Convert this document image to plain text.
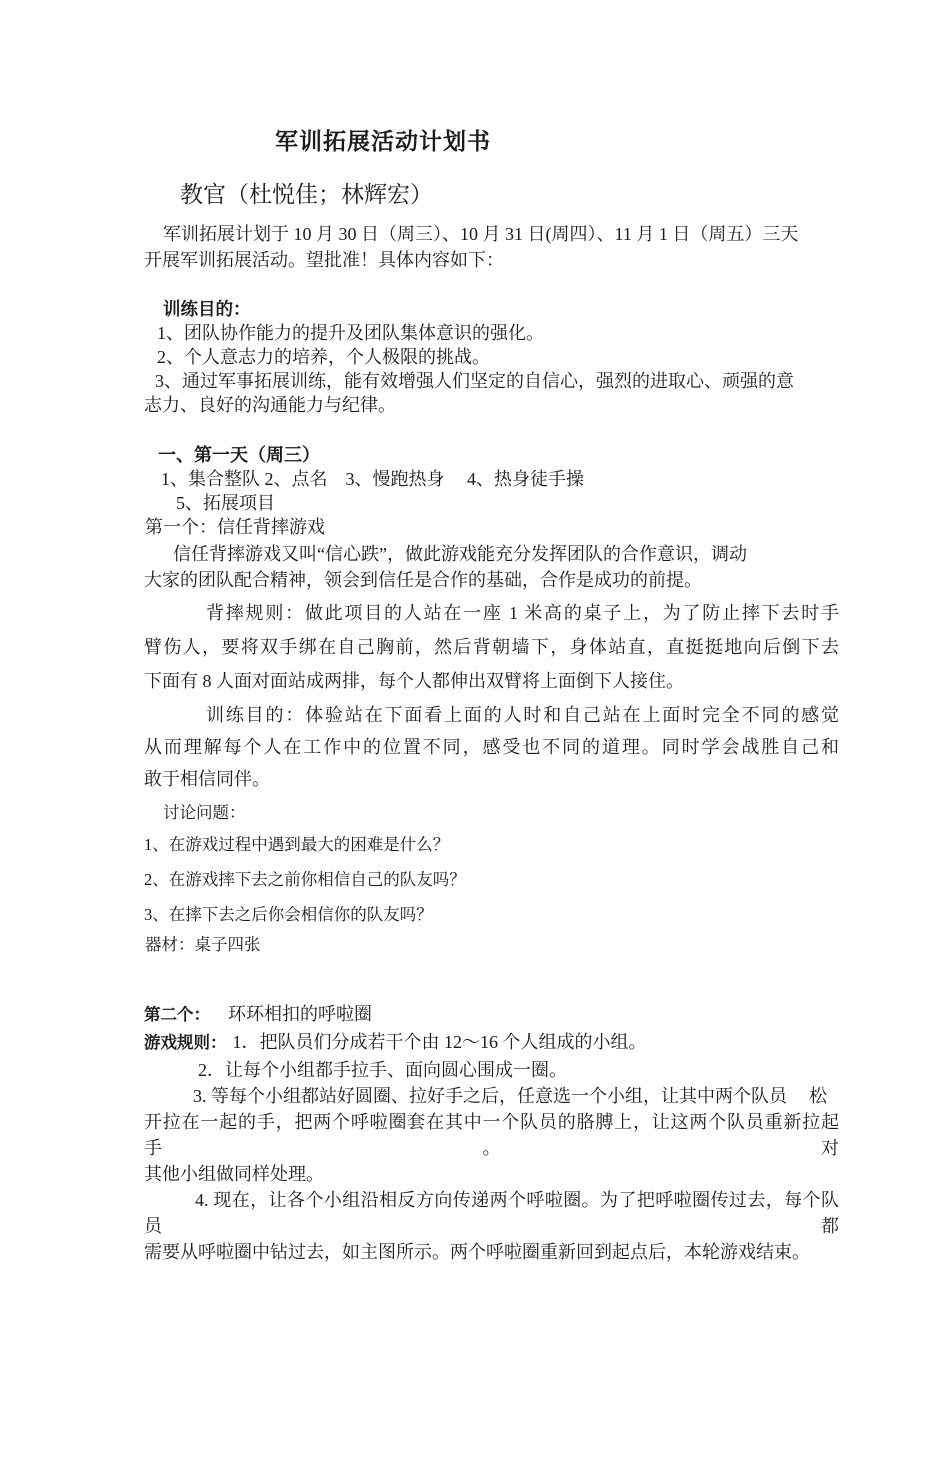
军训拓展活动计划书
教官（杜悦佳；林辉宏）
军训拓展计划于 10 月 30 日（周三）、10 月 31 日(周四）、11 月 1 日（周五）三天
开展军训拓展活动。望批准！具体内容如下：
训练目的：
1、团队协作能力的提升及团队集体意识的强化。
2、个人意志力的培养，个人极限的挑战。
3、通过军事拓展训练，能有效增强人们坚定的自信心，强烈的进取心、顽强的意
志力、良好的沟通能力与纪律。
一、第一天（周三）
1、集合整队 2、点名　3、慢跑热身　 4、热身徒手操
5、拓展项目
第一个：信任背摔游戏
信任背摔游戏又叫“信心跌”，做此游戏能充分发挥团队的合作意识，调动
大家的团队配合精神，领会到信任是合作的基础，合作是成功的前提。
背摔规则：做此项目的人站在一座 1 米高的桌子上，为了防止摔下去时手
臂伤人，要将双手绑在自己胸前，然后背朝墙下，身体站直，直挺挺地向后倒下去
下面有 8 人面对面站成两排，每个人都伸出双臂将上面倒下人接住。
训练目的：体验站在下面看上面的人时和自己站在上面时完全不同的感觉
从而理解每个人在工作中的位置不同，感受也不同的道理。同时学会战胜自己和
敢于相信同伴。
讨论问题：
1、在游戏过程中遇到最大的困难是什么？
2、在游戏摔下去之前你相信自己的队友吗？
3、在摔下去之后你会相信你的队友吗？
器材：桌子四张
第二个： 环环相扣的呼啦圈
游戏规则： 1．把队员们分成若干个由 12～16 个人组成的小组。
2．让每个小组都手拉手、面向圆心围成一圈。
3. 等每个小组都站好圆圈、拉好手之后，任意选一个小组，让其中两个队员 松
开拉在一起的手，把两个呼啦圈套在其中一个队员的胳膊上，让这两个队员重新拉起手。对
其他小组做同样处理。
4. 现在，让各个小组沿相反方向传递两个呼啦圈。为了把呼啦圈传过去，每个队员都
需要从呼啦圈中钻过去，如主图所示。两个呼啦圈重新回到起点后，本轮游戏结束。
